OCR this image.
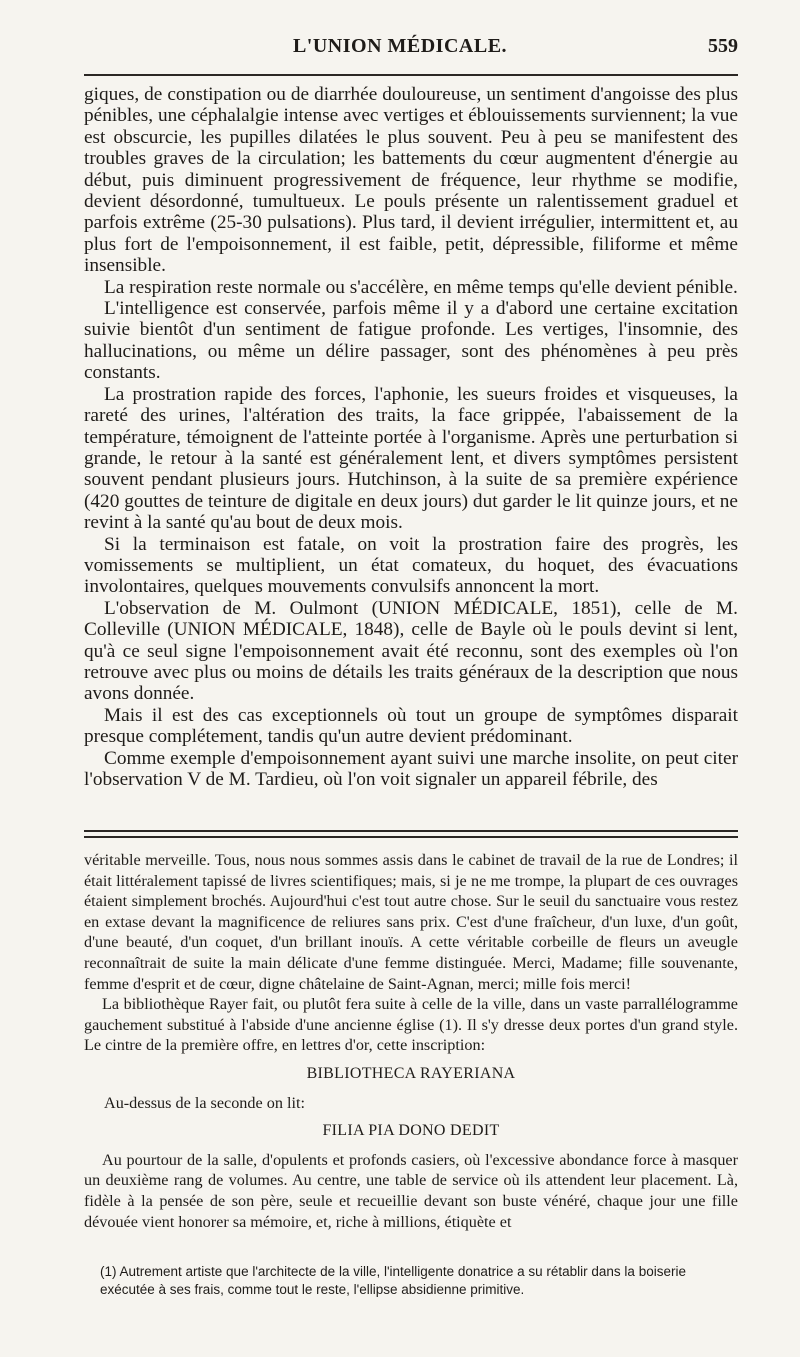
L'UNION MÉDICALE.	559

giques, de constipation ou de diarrhée douloureuse, un sentiment d'angoisse des plus pénibles, une céphalalgie intense avec vertiges et éblouissements surviennent; la vue est obscurcie, les pupilles dilatées le plus souvent. Peu à peu se manifestent des troubles graves de la circulation; les battements du cœur augmentent d'énergie au début, puis diminuent progressivement de fréquence, leur rhythme se modifie, devient désordonné, tumultueux. Le pouls présente un ralentissement graduel et parfois extrême (25-30 pulsations). Plus tard, il devient irrégulier, intermittent et, au plus fort de l'empoisonnement, il est faible, petit, dépressible, filiforme et même insensible.

La respiration reste normale ou s'accélère, en même temps qu'elle devient pénible.

L'intelligence est conservée, parfois même il y a d'abord une certaine excitation suivie bientôt d'un sentiment de fatigue profonde. Les vertiges, l'insomnie, des hallucinations, ou même un délire passager, sont des phénomènes à peu près constants.

La prostration rapide des forces, l'aphonie, les sueurs froides et visqueuses, la rareté des urines, l'altération des traits, la face grippée, l'abaissement de la température, témoignent de l'atteinte portée à l'organisme. Après une perturbation si grande, le retour à la santé est généralement lent, et divers symptômes persistent souvent pendant plusieurs jours. Hutchinson, à la suite de sa première expérience (420 gouttes de teinture de digitale en deux jours) dut garder le lit quinze jours, et ne revint à la santé qu'au bout de deux mois.

Si la terminaison est fatale, on voit la prostration faire des progrès, les vomissements se multiplient, un état comateux, du hoquet, des évacuations involontaires, quelques mouvements convulsifs annoncent la mort.

L'observation de M. Oulmont (UNION MÉDICALE, 1851), celle de M. Colleville (UNION MÉDICALE, 1848), celle de Bayle où le pouls devint si lent, qu'à ce seul signe l'empoisonnement avait été reconnu, sont des exemples où l'on retrouve avec plus ou moins de détails les traits généraux de la description que nous avons donnée.

Mais il est des cas exceptionnels où tout un groupe de symptômes disparait presque complétement, tandis qu'un autre devient prédominant.

Comme exemple d'empoisonnement ayant suivi une marche insolite, on peut citer l'observation V de M. Tardieu, où l'on voit signaler un appareil fébrile, des

véritable merveille. Tous, nous nous sommes assis dans le cabinet de travail de la rue de Londres; il était littéralement tapissé de livres scientifiques; mais, si je ne me trompe, la plupart de ces ouvrages étaient simplement brochés. Aujourd'hui c'est tout autre chose. Sur le seuil du sanctuaire vous restez en extase devant la magnificence de reliures sans prix. C'est d'une fraîcheur, d'un luxe, d'un goût, d'une beauté, d'un coquet, d'un brillant inouïs. A cette véritable corbeille de fleurs un aveugle reconnaîtrait de suite la main délicate d'une femme distinguée. Merci, Madame; fille souvenante, femme d'esprit et de cœur, digne châtelaine de Saint-Agnan, merci; mille fois merci!

La bibliothèque Rayer fait, ou plutôt fera suite à celle de la ville, dans un vaste parrallélogramme gauchement substitué à l'abside d'une ancienne église (1). Il s'y dresse deux portes d'un grand style. Le cintre de la première offre, en lettres d'or, cette inscription:

BIBLIOTHECA RAYERIANA

Au-dessus de la seconde on lit:

FILIA PIA DONO DEDIT

Au pourtour de la salle, d'opulents et profonds casiers, où l'excessive abondance force à masquer un deuxième rang de volumes. Au centre, une table de service où ils attendent leur placement. Là, fidèle à la pensée de son père, seule et recueillie devant son buste vénéré, chaque jour une fille dévouée vient honorer sa mémoire, et, riche à millions, étiquète et

(1) Autrement artiste que l'architecte de la ville, l'intelligente donatrice a su rétablir dans la boiserie

exécutée à ses frais, comme tout le reste, l'ellipse absidienne primitive.
